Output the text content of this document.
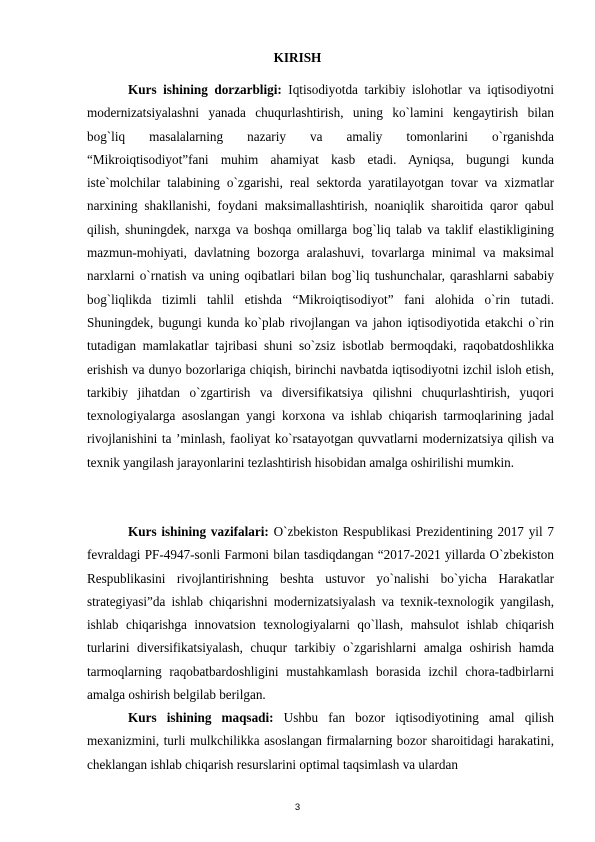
KIRISH

Kurs ishining dorzarbligi: Iqtisodiyotda tarkibiy islohotlar va iqtisodiyotni modernizatsiyalashni yanada chuqurlashtirish, uning ko`lamini kengaytirish bilan bog`liq masalalarning nazariy va amaliy tomonlarini o`rganishda “Mikroiqtisodiyot”fani muhim ahamiyat kasb etadi. Ayniqsa, bugungi kunda iste`molchilar talabining o`zgarishi, real sektorda yaratilayotgan tovar va xizmatlar narxining shakllanishi, foydani maksimallashtirish, noaniqlik sharoitida qaror qabul qilish, shuningdek, narxga va boshqa omillarga bog`liq talab va taklif elastikligining mazmun-mohiyati, davlatning bozorga aralashuvi, tovarlarga minimal va maksimal narxlarni o`rnatish va uning oqibatlari bilan bog`liq tushunchalar, qarashlarni sababiy bog`liqlikda tizimli tahlil etishda “Mikroiqtisodiyot” fani alohida o`rin tutadi. Shuningdek, bugungi kunda ko`plab rivojlangan va jahon iqtisodiyotida etakchi o`rin tutadigan mamlakatlar tajribasi shuni so`zsiz isbotlab bermoqdaki, raqobatdoshlikka erishish va dunyo bozorlariga chiqish, birinchi navbatda iqtisodiyotni izchil isloh etish, tarkibiy jihatdan o`zgartirish va diversifikatsiya qilishni chuqurlashtirish, yuqori texnologiyalarga asoslangan yangi korxona va ishlab chiqarish tarmoqlarining jadal rivojlanishini ta ʼminlash, faoliyat ko`rsatayotgan quvvatlarni modernizatsiya qilish va texnik yangilash jarayonlarini tezlashtirish hisobidan amalga oshirilishi mumkin.

Kurs ishining vazifalari: O`zbekiston Respublikasi Prezidentining 2017 yil 7 fevraldagi PF-4947-sonli Farmoni bilan tasdiqdangan “2017-2021 yillarda O`zbekiston Respublikasini rivojlantirishning beshta ustuvor yo`nalishi bo`yicha Harakatlar strategiyasi”da ishlab chiqarishni modernizatsiyalash va texnik-texnologik yangilash, ishlab chiqarishga innovatsion texnologiyalarni qo`llash, mahsulot ishlab chiqarish turlarini diversifikatsiyalash, chuqur tarkibiy o`zgarishlarni amalga oshirish hamda tarmoqlarning raqobatbardoshligini mustahkamlash borasida izchil chora-tadbirlarni amalga oshirish belgilab berilgan.

Kurs ishining maqsadi: Ushbu fan bozor iqtisodiyotining amal qilish mexanizmini, turli mulkchilikka asoslangan firmalarning bozor sharoitidagi harakatini, cheklangan ishlab chiqarish resurslarini optimal taqsimlash va ulardan

3
